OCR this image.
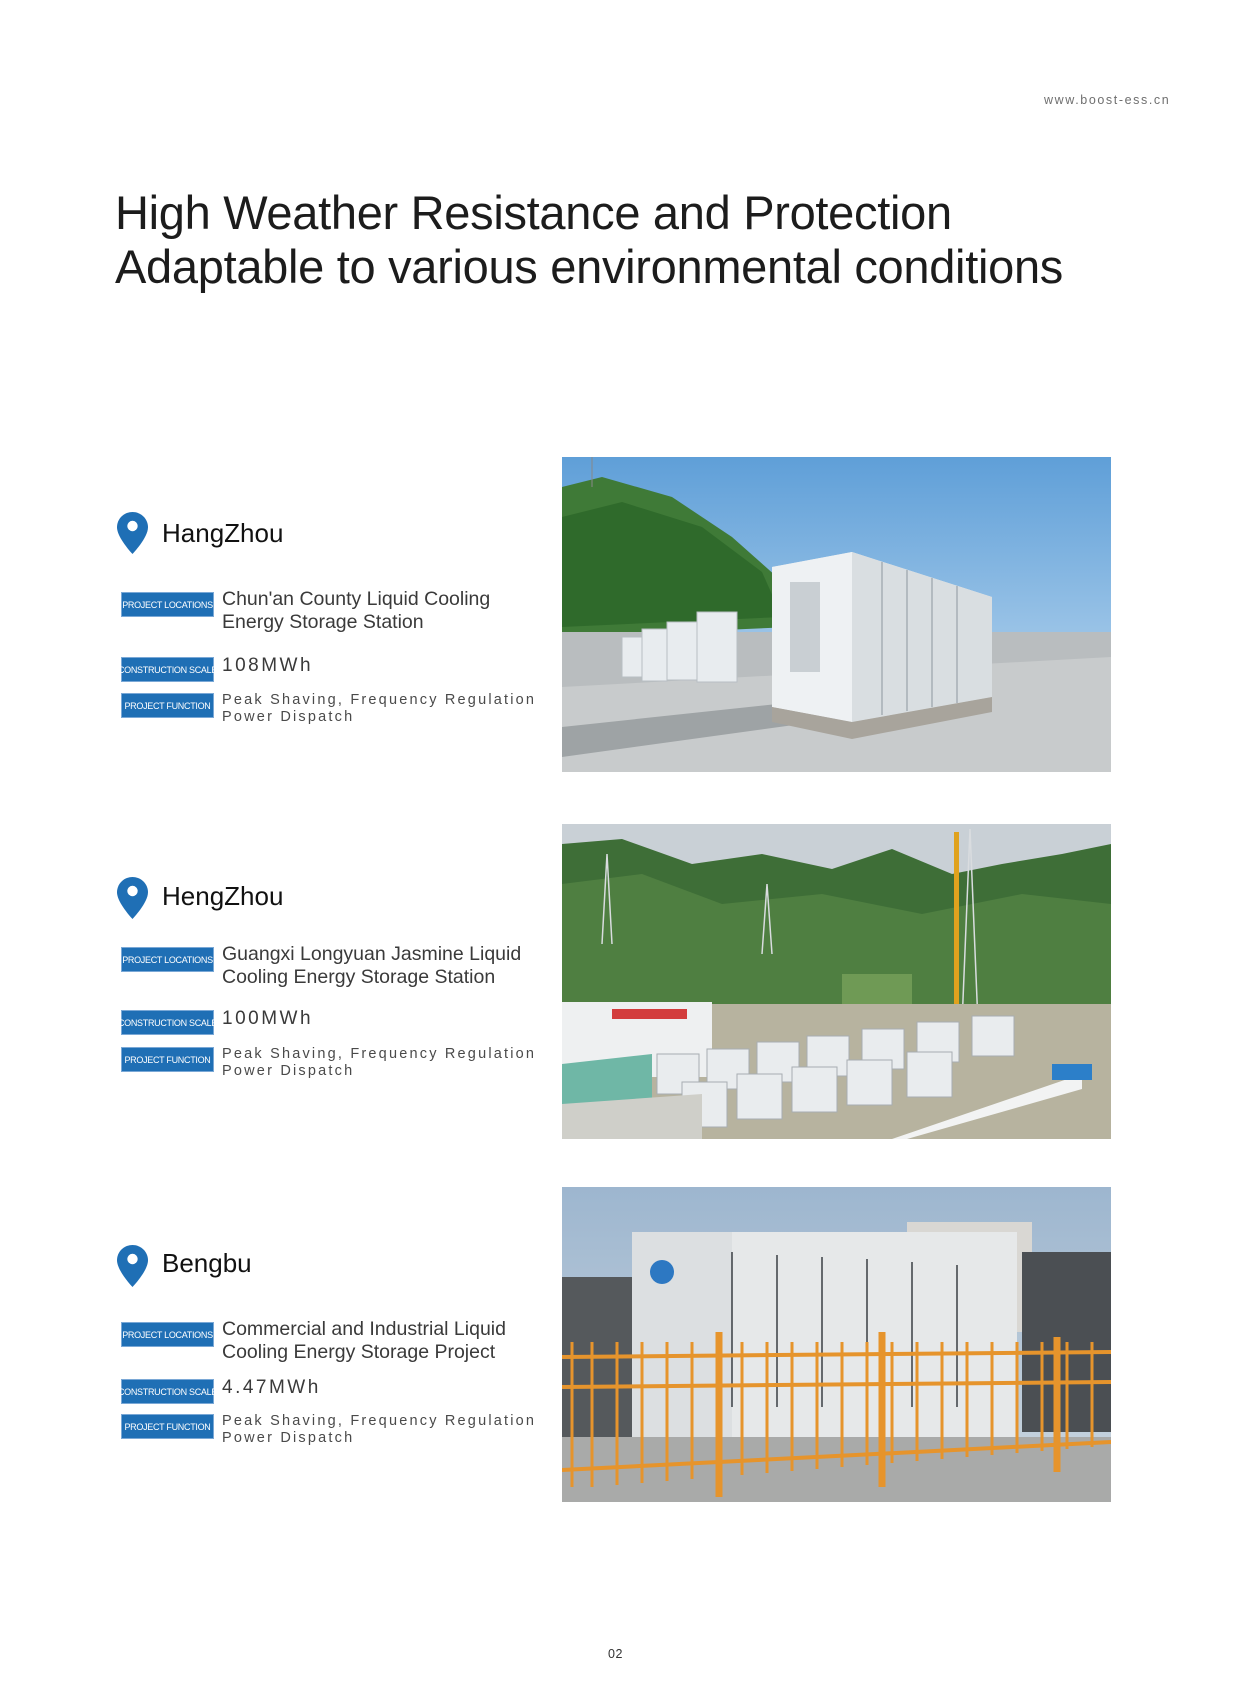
www.boost-ess.cn
High Weather Resistance and Protection
Adaptable to various environmental conditions
HangZhou
PROJECT LOCATIONS Chun'an County Liquid Cooling
Energy Storage Station
CONSTRUCTION SCALE 108MWh
PROJECT FUNCTION Peak Shaving, Frequency Regulation
Power Dispatch
HengZhou
PROJECT LOCATIONS Guangxi Longyuan Jasmine Liquid
Cooling Energy Storage Station
CONSTRUCTION SCALE 100MWh
PROJECT FUNCTION Peak Shaving, Frequency Regulation
Power Dispatch
Bengbu
PROJECT LOCATIONS Commercial and Industrial Liquid
Cooling Energy Storage Project
CONSTRUCTION SCALE 4.47MWh
PROJECT FUNCTION Peak Shaving, Frequency Regulation
Power Dispatch
02
